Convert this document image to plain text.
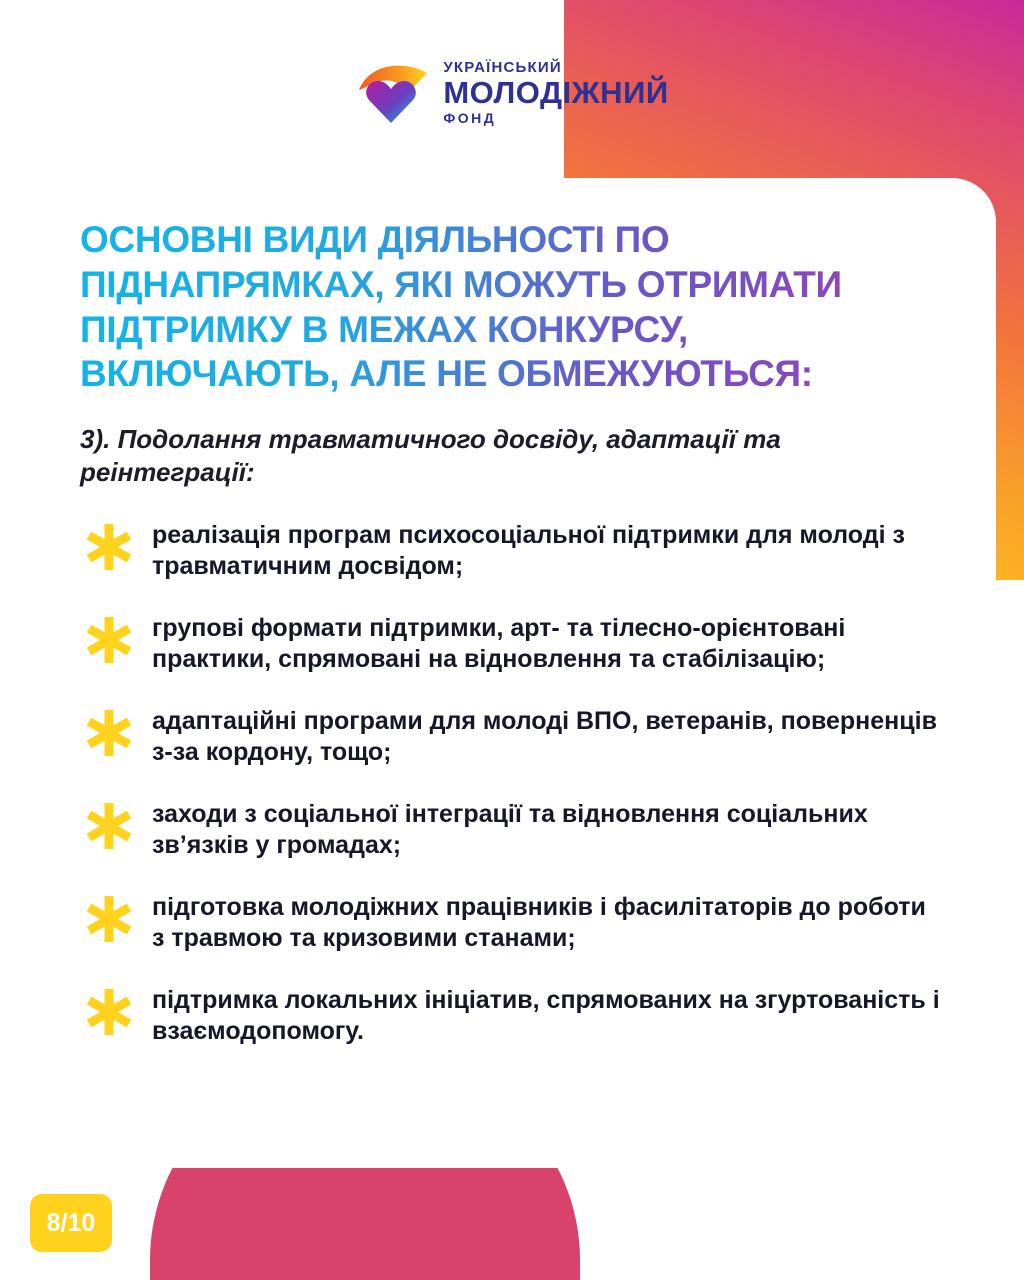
УКРАЇНСЬКИЙ
МОЛОДІЖНИЙ
ФОНД
ОСНОВНІ ВИДИ ДІЯЛЬНОСТІ ПО ПІДНАПРЯМКАХ, ЯКІ МОЖУТЬ ОТРИМАТИ ПІДТРИМКУ В МЕЖАХ КОНКУРСУ, ВКЛЮЧАЮТЬ, АЛЕ НЕ ОБМЕЖУЮТЬСЯ:

3). Подолання травматичного досвіду, адаптації та реінтеграції:

реалізація програм психосоціальної підтримки для молоді з травматичним досвідом;
групові формати підтримки, арт- та тілесно-орієнтовані практики, спрямовані на відновлення та стабілізацію;
адаптаційні програми для молоді ВПО, ветеранів, поверненців з-за кордону, тощо;
заходи з соціальної інтеграції та відновлення соціальних зв’язків у громадах;
підготовка молодіжних працівників і фасилітаторів до роботи з травмою та кризовими станами;
підтримка локальних ініціатив, спрямованих на згуртованість і взаємодопомогу.
8/10
